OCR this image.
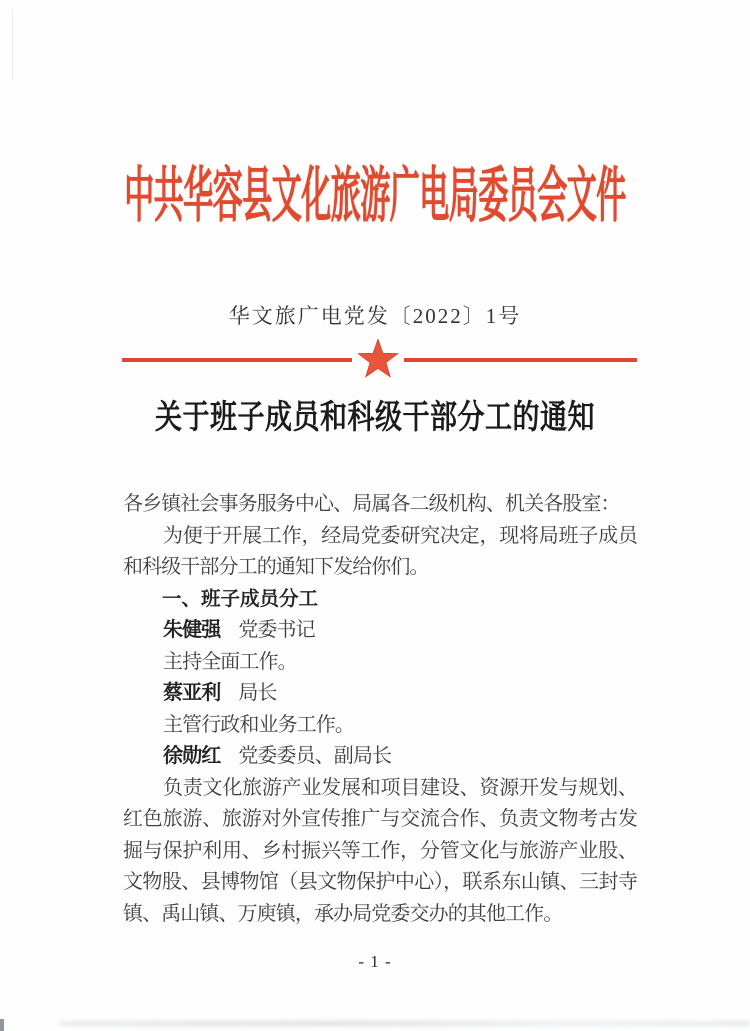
中共华容县文化旅游广电局委员会文件
华文旅广电党发〔2022〕1号
关于班子成员和科级干部分工的通知

各乡镇社会事务服务中心、局属各二级机构、机关各股室：

为便于开展工作，经局党委研究决定，现将局班子成员和科级干部分工的通知下发给你们。

一、班子成员分工

朱健强 党委书记

主持全面工作。

蔡亚利 局长

主管行政和业务工作。

徐勋红 党委委员、副局长

负责文化旅游产业发展和项目建设、资源开发与规划、红色旅游、旅游对外宣传推广与交流合作、负责文物考古发掘与保护利用、乡村振兴等工作，分管文化与旅游产业股、文物股、县博物馆（县文物保护中心），联系东山镇、三封寺镇、禹山镇、万庾镇，承办局党委交办的其他工作。

- 1 -
